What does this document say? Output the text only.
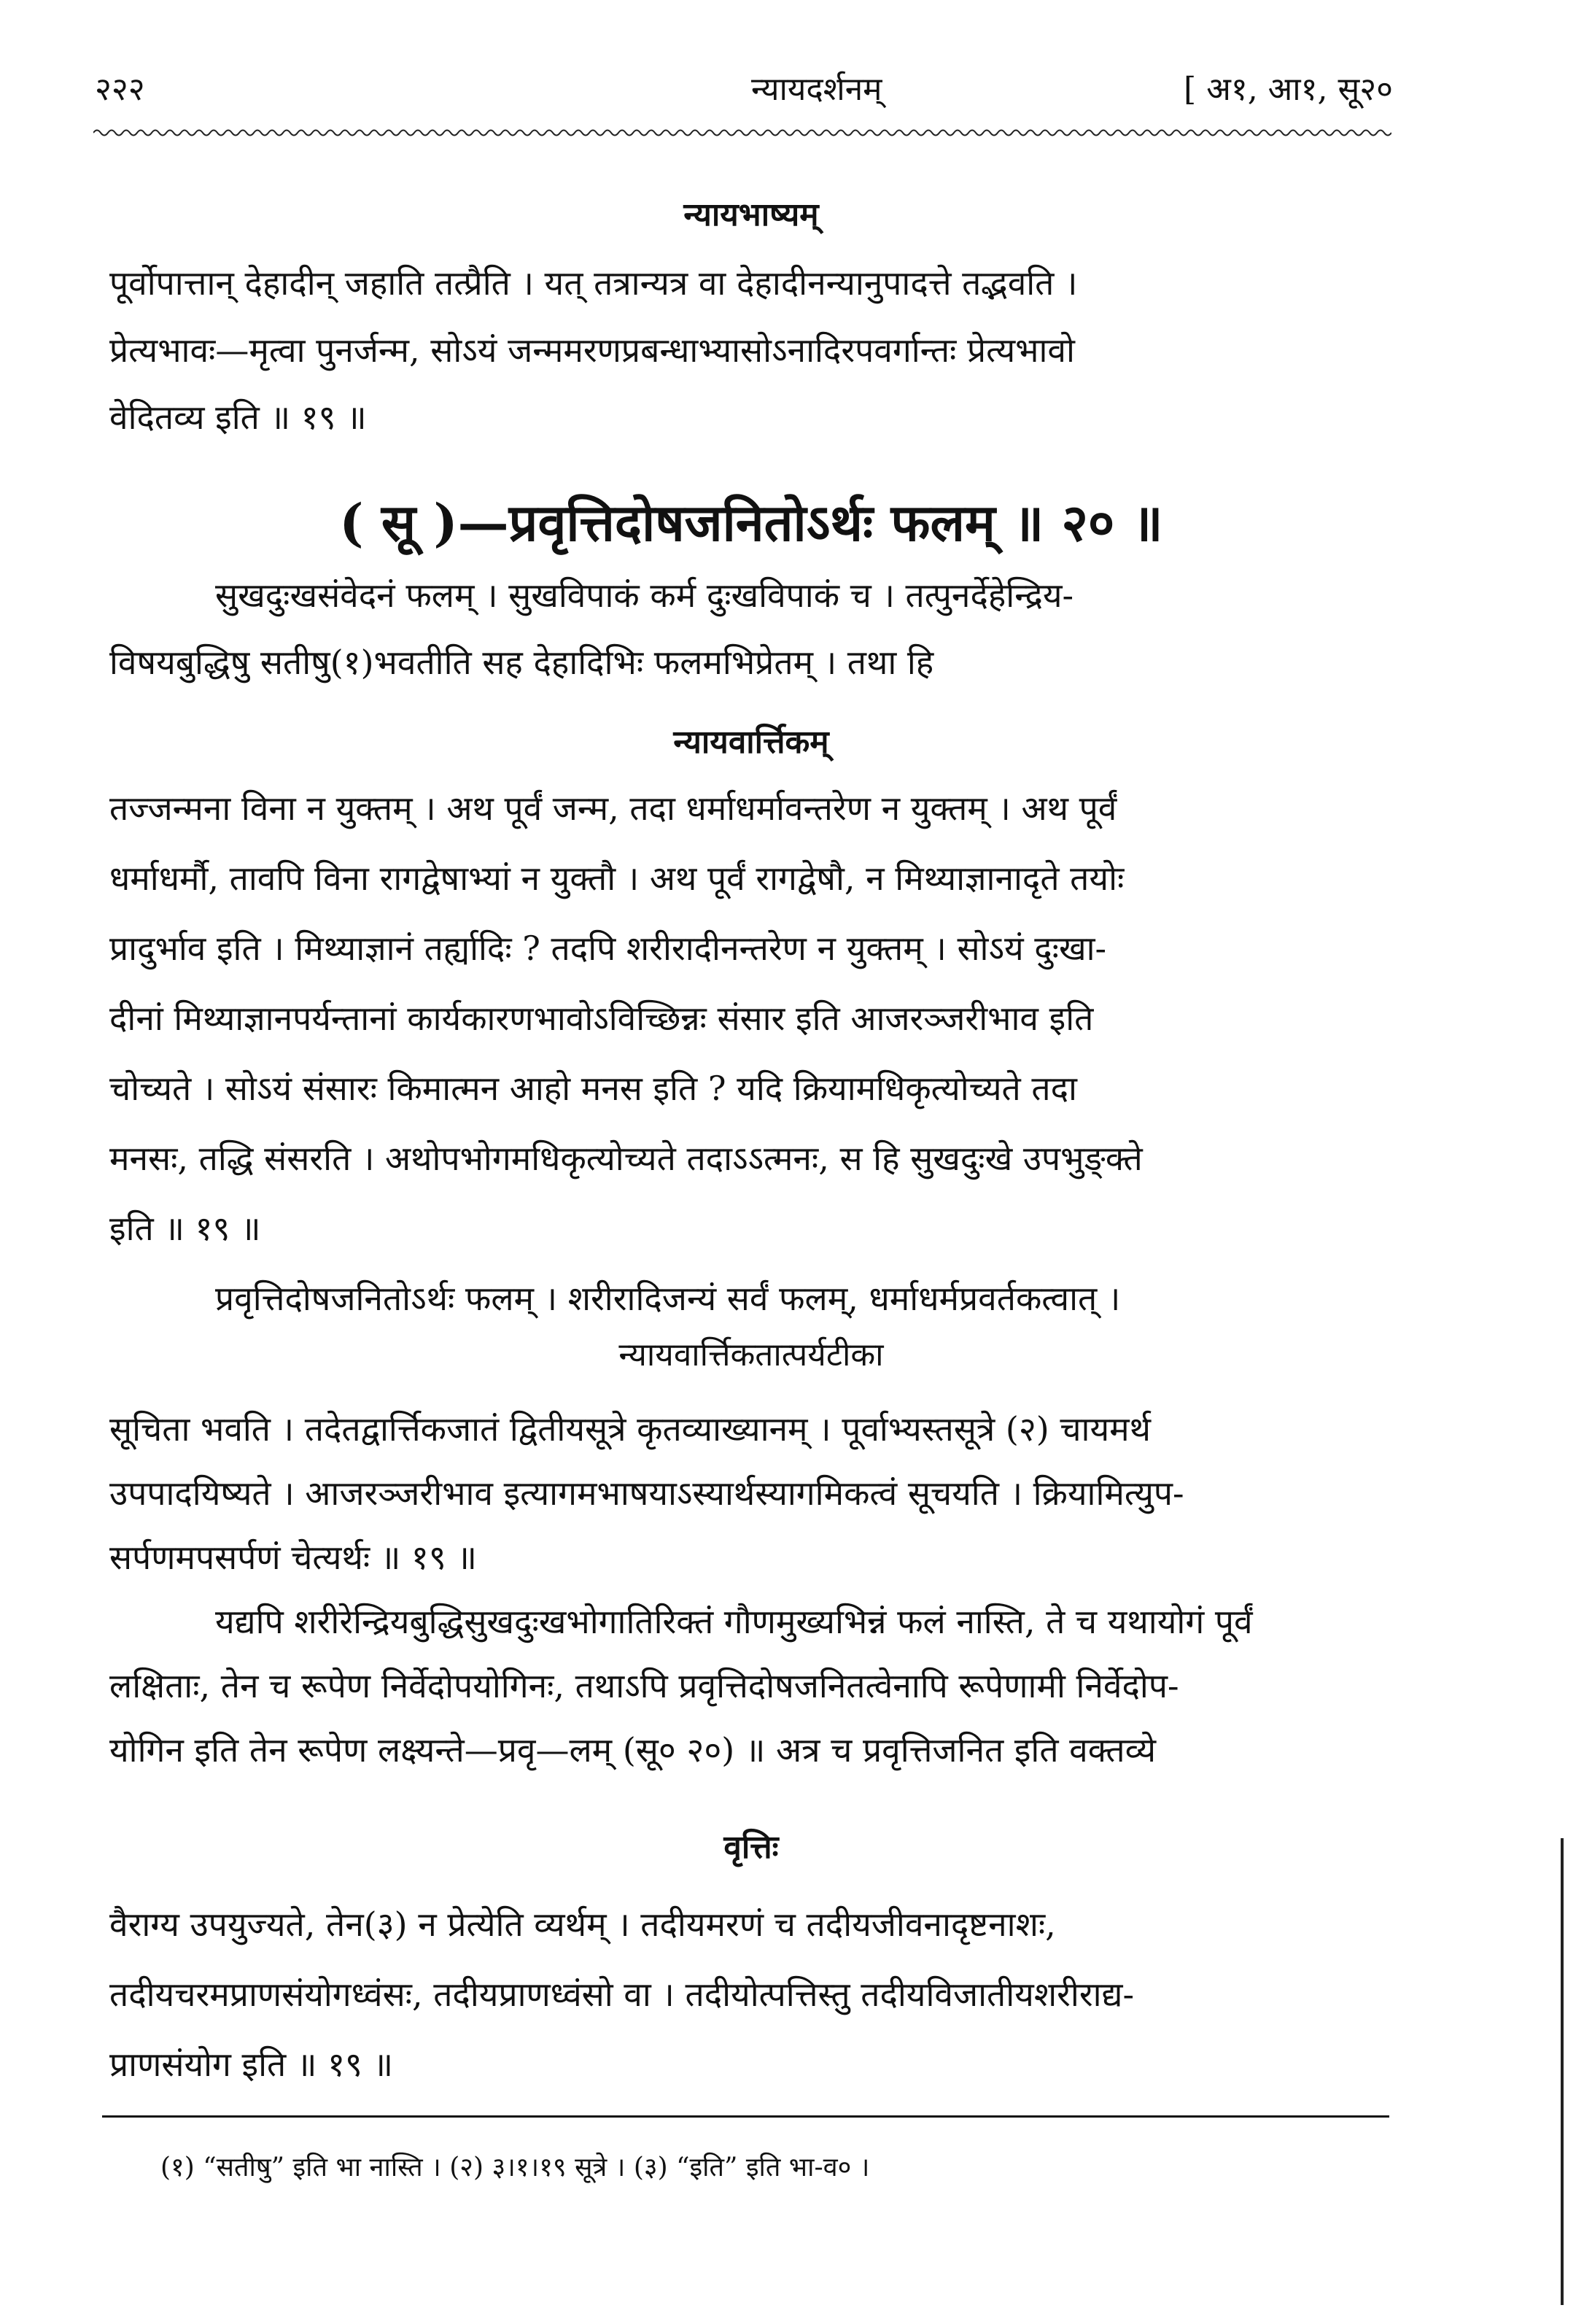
२२२	न्यायदर्शनम्	[ अ१, आ१, सू२०
न्यायभाष्यम्
पूर्वोपात्तान् देहादीन् जहाति तत्प्रैति । यत् तत्रान्यत्र वा देहादीनन्यानुपादत्ते तद्भवति ।
प्रेत्यभावः—मृत्वा पुनर्जन्म, सोऽयं जन्ममरणप्रबन्धाभ्यासोऽनादिरपवर्गान्तः प्रेत्यभावो
वेदितव्य इति ॥ १९ ॥
( सू )—प्रवृत्तिदोषजनितोऽर्थः फलम् ॥ २० ॥
सुखदुःखसंवेदनं फलम् । सुखविपाकं कर्म दुःखविपाकं च । तत्पुनर्देहेन्द्रिय-
विषयबुद्धिषु सतीषु(१)भवतीति सह देहादिभिः फलमभिप्रेतम् । तथा हि
न्यायवार्त्तिकम्
तज्जन्मना विना न युक्तम् । अथ पूर्वं जन्म, तदा धर्माधर्मावन्तरेण न युक्तम् । अथ पूर्वं
धर्माधर्मौ, तावपि विना रागद्वेषाभ्यां न युक्तौ । अथ पूर्वं रागद्वेषौ, न मिथ्याज्ञानादृते तयोः
प्रादुर्भाव इति । मिथ्याज्ञानं तर्ह्यादिः ? तदपि शरीरादीनन्तरेण न युक्तम् । सोऽयं दुःखा-
दीनां मिथ्याज्ञानपर्यन्तानां कार्यकारणभावोऽविच्छिन्नः संसार इति आजरञ्जरीभाव इति
चोच्यते । सोऽयं संसारः किमात्मन आहो मनस इति ? यदि क्रियामधिकृत्योच्यते तदा
मनसः, तद्धि संसरति । अथोपभोगमधिकृत्योच्यते तदाऽऽत्मनः, स हि सुखदुःखे उपभुङ्क्ते
इति ॥ १९ ॥
प्रवृत्तिदोषजनितोऽर्थः फलम् । शरीरादिजन्यं सर्वं फलम्, धर्माधर्मप्रवर्तकत्वात् ।
न्यायवार्त्तिकतात्पर्यटीका
सूचिता भवति । तदेतद्वार्त्तिकजातं द्वितीयसूत्रे कृतव्याख्यानम् । पूर्वाभ्यस्तसूत्रे (२) चायमर्थ
उपपादयिष्यते । आजरञ्जरीभाव इत्यागमभाषयाऽस्यार्थस्यागमिकत्वं सूचयति । क्रियामित्युप-
सर्पणमपसर्पणं चेत्यर्थः ॥ १९ ॥
यद्यपि शरीरेन्द्रियबुद्धिसुखदुःखभोगातिरिक्तं गौणमुख्यभिन्नं फलं नास्ति, ते च यथायोगं पूर्वं
लक्षिताः, तेन च रूपेण निर्वेदोपयोगिनः, तथाऽपि प्रवृत्तिदोषजनितत्वेनापि रूपेणामी निर्वेदोप-
योगिन इति तेन रूपेण लक्ष्यन्ते—प्रवृ—लम् (सू० २०) ॥ अत्र च प्रवृत्तिजनित इति वक्तव्ये
वृत्तिः
वैराग्य उपयुज्यते, तेन(३) न प्रेत्येति व्यर्थम् । तदीयमरणं च तदीयजीवनादृष्टनाशः,
तदीयचरमप्राणसंयोगध्वंसः, तदीयप्राणध्वंसो वा । तदीयोत्पत्तिस्तु तदीयविजातीयशरीराद्य-
प्राणसंयोग इति ॥ १९ ॥
(१) “सतीषु” इति भा नास्ति । (२) ३।१।१९ सूत्रे । (३) “इति” इति भा-व० ।
